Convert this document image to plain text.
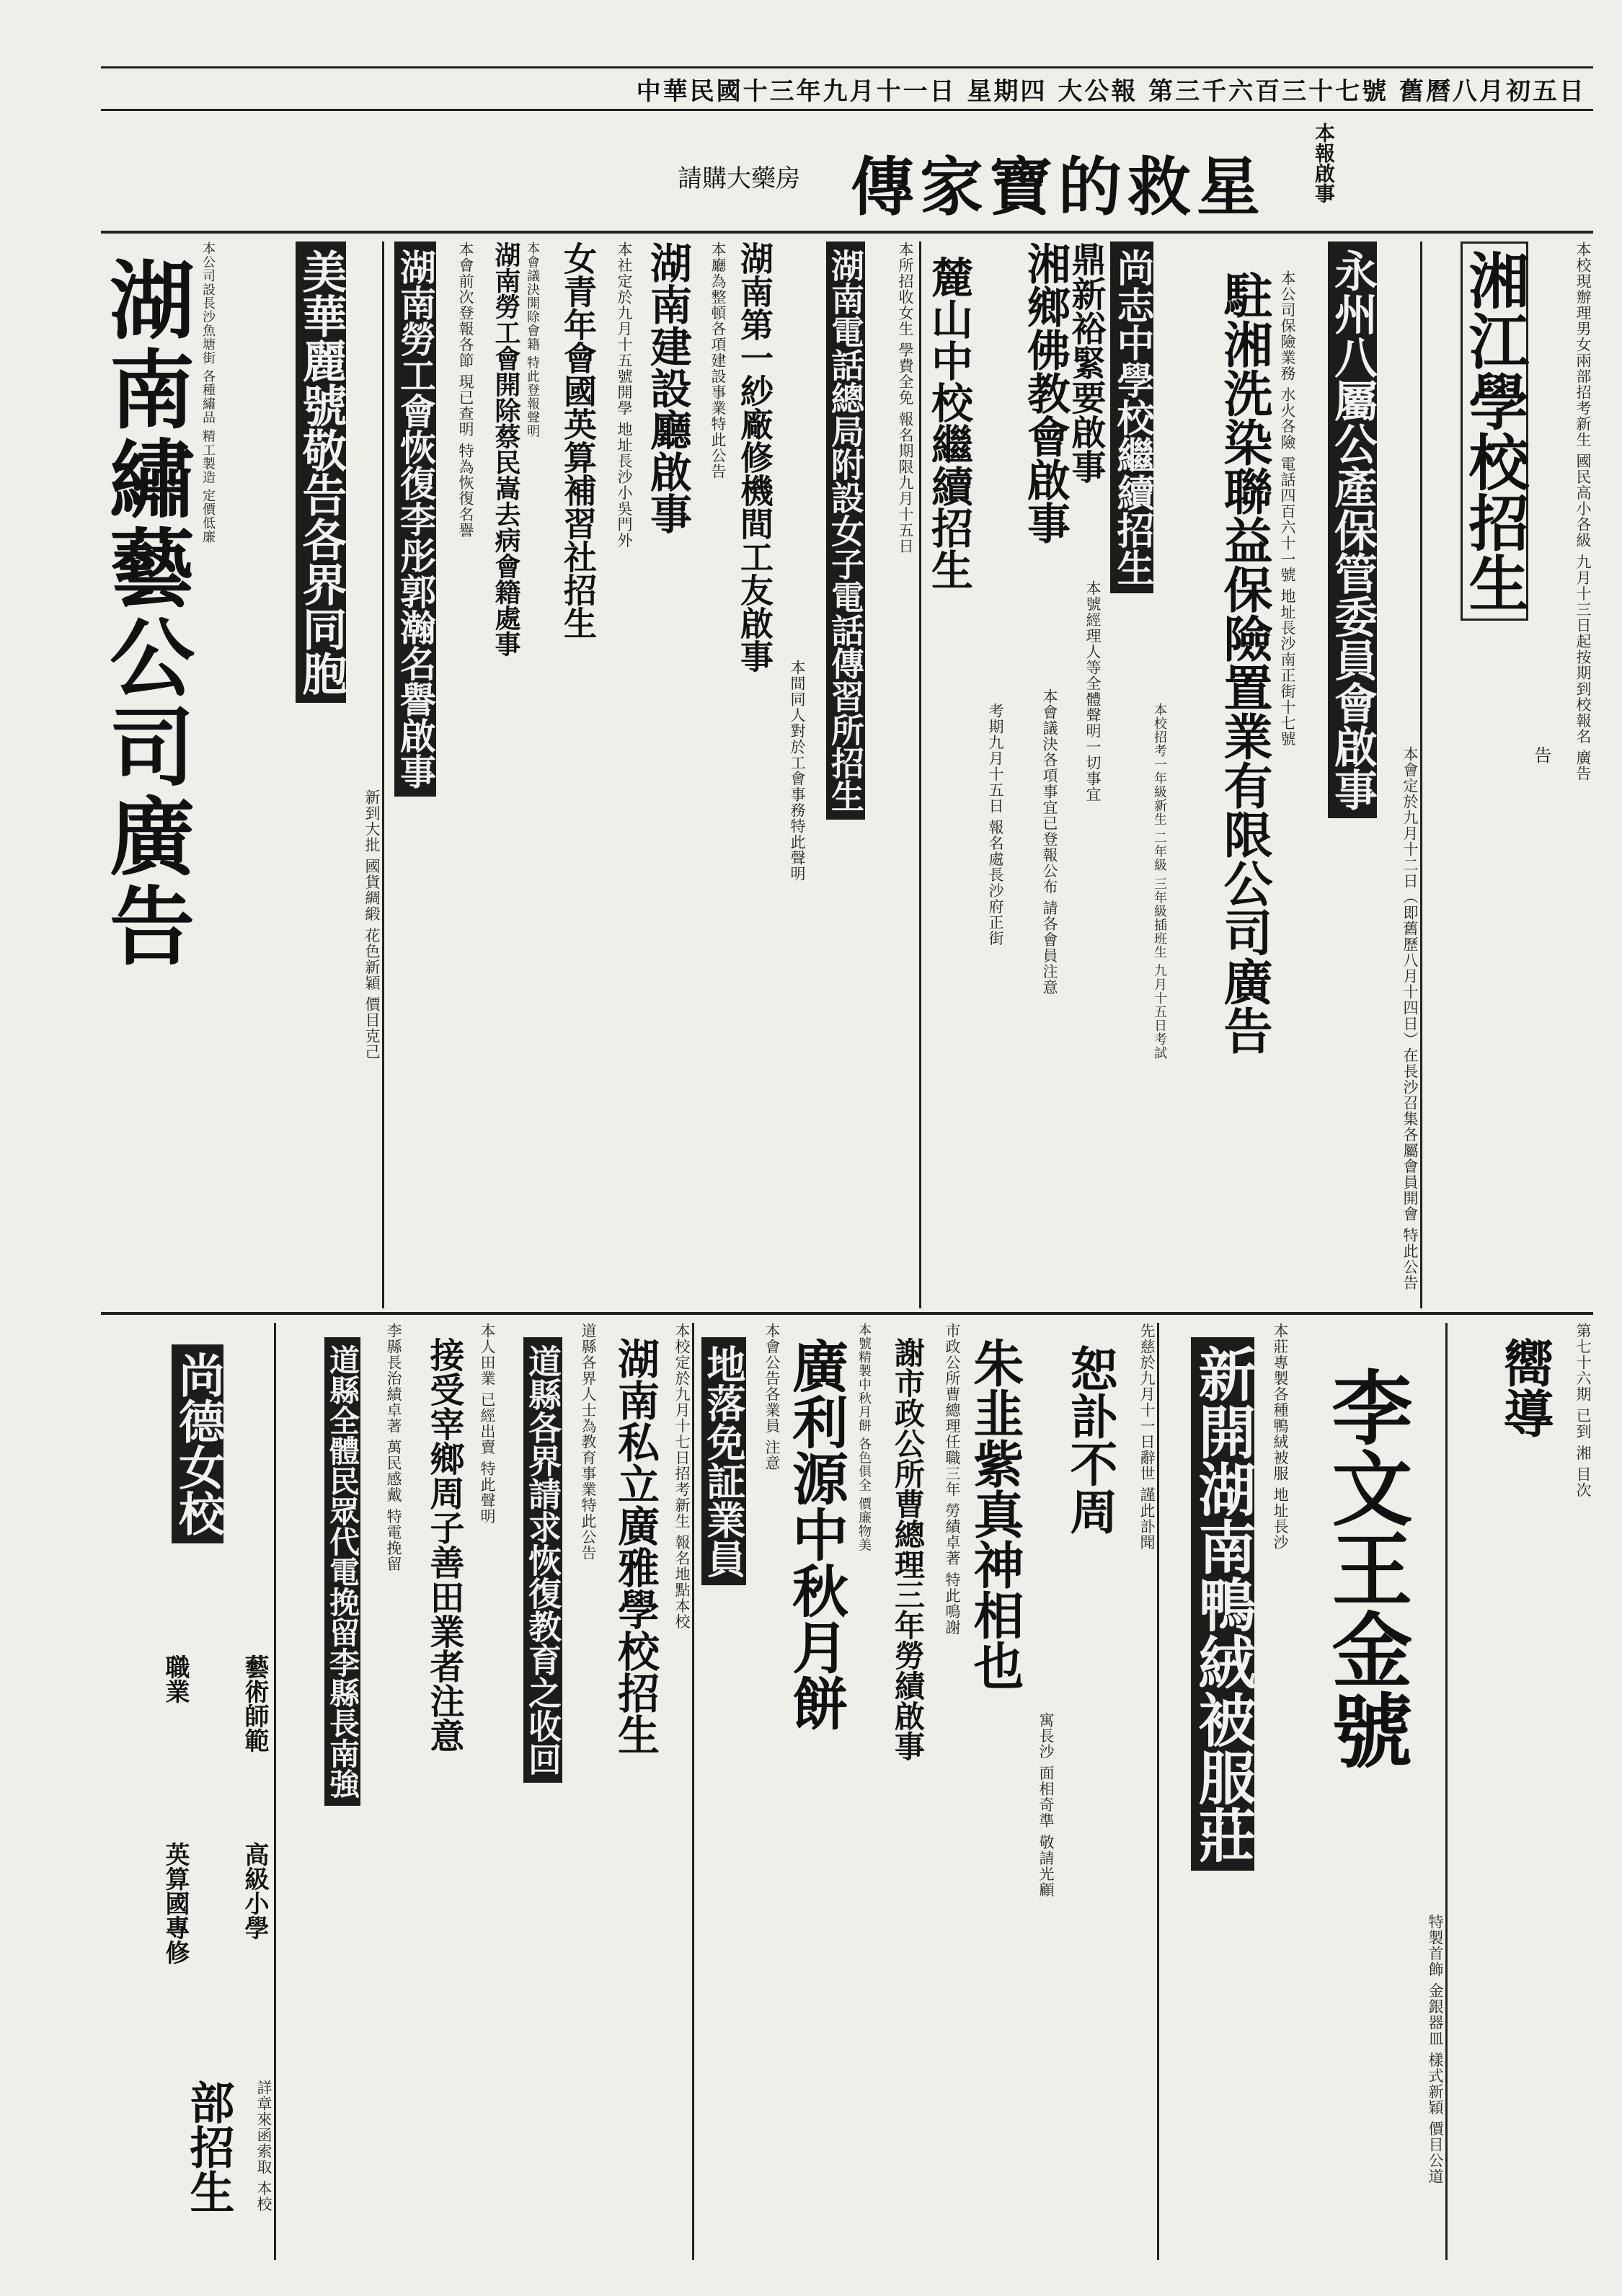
中華民國十三年九月十一日 星期四 大公報 第三千六百三十七號 舊曆八月初五日
本報啟事
傳家寶的救星
請購大藥房
湘江學校招生
告	本校現辦理男女兩部招考新生 國民高小各級 九月十三日起按期到校報名 廣告
永州八屬公產保管委員會啟事
本會定於九月十二日（即舊歷八月十四日）在長沙召集各屬會員開會 特此公告
駐湘洗染聯益保險置業有限公司廣告 本公司保險業務 水火各險 電話四百六十一號 地址長沙南正街十七號
尚志中學校繼續招生
本校招考一年級新生 二年級 三年級插班生 九月十五日考試
湘鄉佛教會啟事
鼎新裕緊要啟事
本會議決各項事宜已登報公布 請各會員注意	本號經理人等全體聲明一切事宜
麓山中校繼續招生
考期九月十五日 報名處長沙府正街
湖南電話總局附設女子電話傳習所招生	本所招收女生 學費全免 報名期限九月十五日
湖南第一紗廠修機間工友啟事
本間同人對於工會事務特此聲明
湖南建設廳啟事	本廳為整頓各項建設事業特此公告
女青年會國英算補習社招生	本社定於九月十五號開學 地址長沙小吳門外
湖南勞工會開除蔡民嵩去病會籍處事 本會議決開除會籍 特此登報聲明
湖南勞工會恢復李彤郭瀚名譽啟事	本會前次登報各節 現已查明 特為恢復名譽
美華麗號敬告各界同胞
新到大批 國貨綢緞 花色新穎 價目克己
湖南繡藝公司廣告 本公司設長沙魚塘街 各種繡品 精工製造 定價低廉
嚮導	第七十六期 已到 湘 目次
李文王金號
特製首飾 金銀器皿 樣式新穎 價目公道
新開湖南鴨絨被服莊	本莊專製各種鴨絨被服 地址長沙
恕訃不周	先慈於九月十一日辭世 謹此訃聞
朱韭紫真神相也
寓長沙 面相奇準 敬請光顧
謝市政公所曹總理三年勞績啟事	市政公所曹總理任職三年 勞績卓著 特此鳴謝
廣利源中秋月餅 本號精製中秋月餅 各色俱全 價廉物美
地落免証業員	本會公告各業員 注意
湖南私立廣雅學校招生 本校定於九月十七日招考新生 報名地點本校
道縣各界請求恢復教育之收回	道縣各界人士為教育事業特此公告
接受宰鄉周子善田業者注意 本人田業 已經出賣 特此聲明
道縣全體民眾代電挽留李縣長南強	李縣長治績卓著 萬民感戴 特電挽留
尚德女校
藝術師範
高級小學
職業
英算國專修
部招生	詳章來函索取 本校
